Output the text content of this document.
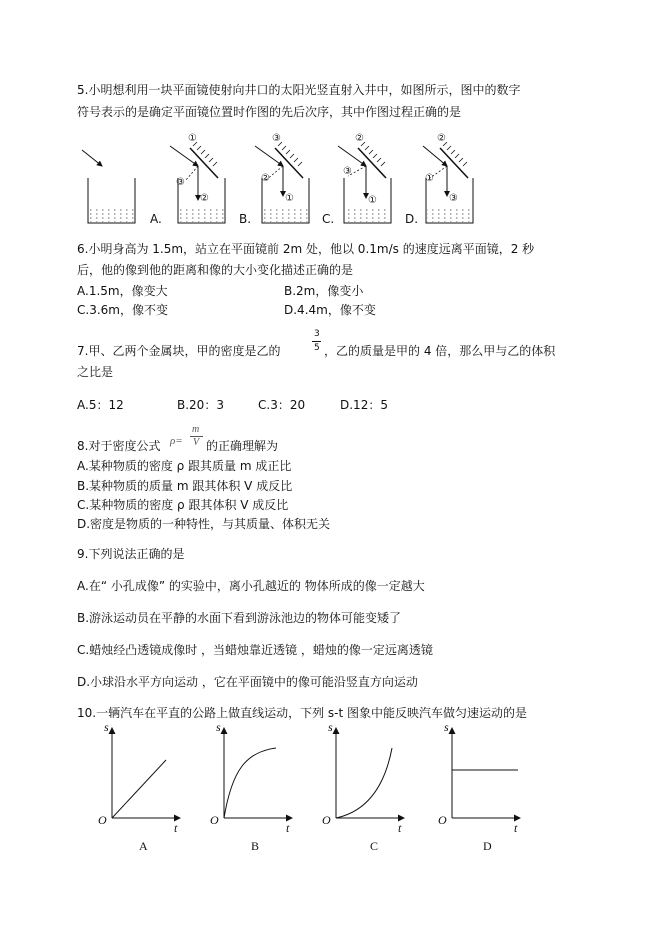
5.小明想利用一块平面镜使射向井口的太阳光竖直射入井中，如图所示，图中的数字
符号表示的是确定平面镜位置时作图的先后次序，其中作图过程正确的是
①
③
②
③
②
①
②
③
①
②
①
③
A.	B.	C.	D.
6.小明身高为 1.5m，站立在平面镜前 2m 处，他以 0.1m/s 的速度远离平面镜，2 秒
后，他的像到他的距离和像的大小变化描述正确的是
A.1.5m，像变大	B.2m，像变小
C.3.6m，像不变	D.4.4m，像不变
7.甲、乙两个金属块，甲的密度是乙的
3
5 ，乙的质量是甲的 4 倍，那么甲与乙的体积
之比是
A.5：12	B.20：3	C.3：20	D.12：5
8.对于密度公式 ρ=
m
V 的正确理解为
A.某种物质的密度 ρ 跟其质量 m 成正比
B.某种物质的质量 m 跟其体积 V 成反比
C.某种物质的密度 ρ 跟其体积 V 成反比
D.密度是物质的一种特性，与其质量、体积无关
9.下列说法正确的是
A.在“ 小孔成像” 的实验中，离小孔越近的 物体所成的像一定越大
B.游泳运动员在平静的水面下看到游泳池边的物体可能变矮了
C.蜡烛经凸透镜成像时 ，当蜡烛靠近透镜 ，蜡烛的像一定远离透镜
D.小球沿水平方向运动 ，它在平面镜中的像可能沿竖直方向运动
10.一辆汽车在平直的公路上做直线运动，下列 s-t 图象中能反映汽车做匀速运动的是
s
t
O
s
t
O
s
t
O
s
t
O
A	B	C	D
